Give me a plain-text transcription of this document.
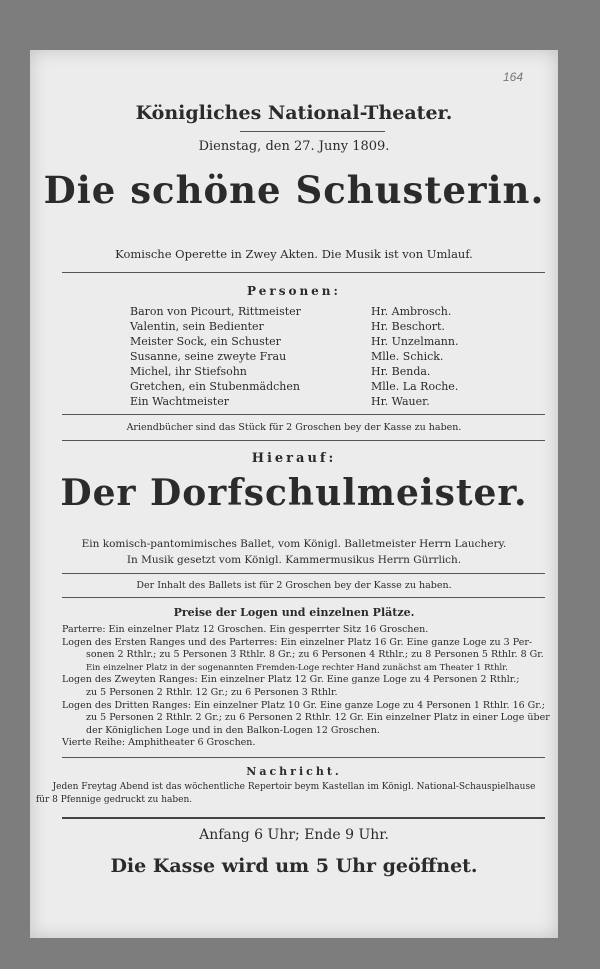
164
Königliches National-Theater.
Dienstag, den 27. Juny 1809.
Die schöne Schusterin.
Komische Operette in Zwey Akten. Die Musik ist von Umlauf.
Personen:
Baron von Picourt, Rittmeister	Hr. Ambrosch.
Valentin, sein Bedienter	Hr. Beschort.
Meister Sock, ein Schuster	Hr. Unzelmann.
Susanne, seine zweyte Frau	Mlle. Schick.
Michel, ihr Stiefsohn	Hr. Benda.
Gretchen, ein Stubenmädchen	Mlle. La Roche.
Ein Wachtmeister	Hr. Wauer.
Ariendbücher sind das Stück für 2 Groschen bey der Kasse zu haben.
Hierauf:
Der Dorfschulmeister.
Ein komisch-pantomimisches Ballet, vom Königl. Balletmeister Herrn Lauchery.
In Musik gesetzt vom Königl. Kammermusikus Herrn Gürrlich.
Der Inhalt des Ballets ist für 2 Groschen bey der Kasse zu haben.
Preise der Logen und einzelnen Plätze.
Parterre: Ein einzelner Platz 12 Groschen. Ein gesperrter Sitz 16 Groschen.
Logen des Ersten Ranges und des Parterres: Ein einzelner Platz 16 Gr. Eine ganze Loge zu 3 Per-
sonen 2 Rthlr.; zu 5 Personen 3 Rthlr. 8 Gr.; zu 6 Personen 4 Rthlr.; zu 8 Personen 5 Rthlr. 8 Gr.
Ein einzelner Platz in der sogenannten Fremden-Loge rechter Hand zunächst am Theater 1 Rthlr.
Logen des Zweyten Ranges: Ein einzelner Platz 12 Gr. Eine ganze Loge zu 4 Personen 2 Rthlr.;
zu 5 Personen 2 Rthlr. 12 Gr.; zu 6 Personen 3 Rthlr.
Logen des Dritten Ranges: Ein einzelner Platz 10 Gr. Eine ganze Loge zu 4 Personen 1 Rthlr. 16 Gr.;
zu 5 Personen 2 Rthlr. 2 Gr.; zu 6 Personen 2 Rthlr. 12 Gr. Ein einzelner Platz in einer Loge über
der Königlichen Loge und in den Balkon-Logen 12 Groschen.
Vierte Reihe: Amphitheater 6 Groschen.
Nachricht.
Jeden Freytag Abend ist das wöchentliche Repertoir beym Kastellan im Königl. National-Schauspielhause
für 8 Pfennige gedruckt zu haben.
Anfang 6 Uhr; Ende 9 Uhr.
Die Kasse wird um 5 Uhr geöffnet.
